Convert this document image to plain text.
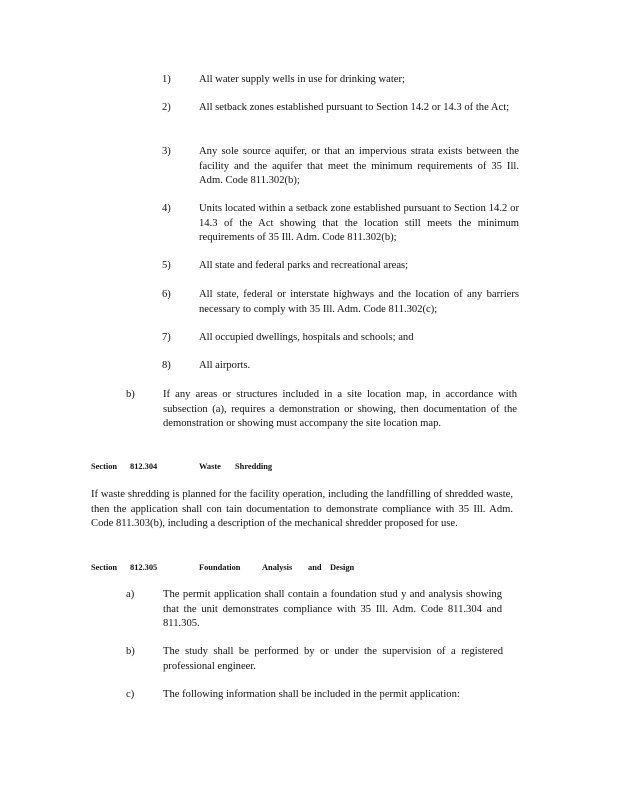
1)	All water supply wells in use for drinking water;
2)	All setback zones established pursuant to Section 14.2 or 14.3 of the Act;
3)	Any sole source aquifer, or that an impervious strata exists between the facility and the aquifer that meet the minimum requirements of 35 Ill. Adm. Code 811.302(b);
4)	Units located within a setback zone established pursuant to Section 14.2 or 14.3 of the Act showing that the location still meets the minimum requirements of 35 Ill. Adm. Code 811.302(b);
5)	All state and federal parks and recreational areas;
6)	All state, federal or interstate highways and the location of any barriers necessary to comply with 35 Ill. Adm. Code 811.302(c);
7)	All occupied dwellings, hospitals and schools; and
8)	All airports.
b)	If any areas or structures included in a site location map, in accordance with subsection (a), requires a demonstration or showing, then documentation of the demonstration or showing must accompany the site location map.
Section 812.304	Waste Shredding
If waste shredding is planned for the facility operation, including the landfilling of shredded waste, then the application shall con tain documentation to demonstrate compliance with 35 Ill. Adm. Code 811.303(b), including a description of the mechanical shredder proposed for use.
Section 812.305	Foundation	Analysis and Design
a)	The permit application shall contain a foundation stud y and analysis showing that the unit demonstrates compliance with 35 Ill. Adm. Code 811.304 and 811.305.
b)	The study shall be performed by or under the supervision of a registered professional engineer.
c)	The following information shall be included in the permit application:
